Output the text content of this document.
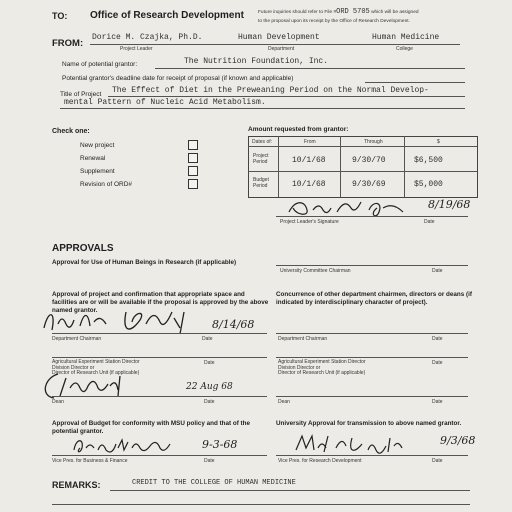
TO: Office of Research Development	Future inquiries should refer to File #ORD 5705 which will be assigned
to the proposal upon its receipt by the Office of Research Development.
FROM:
Dorice M. Czajka, Ph.D.	Human Development	Human Medicine
Project Leader	Department	College
Name of potential grantor:	The Nutrition Foundation, Inc.
Potential grantor's deadline date for receipt of proposal (if known and applicable)
Title of Project The Effect of Diet in the Preweaning Period on the Normal Develop-
mental Pattern of Nucleic Acid Metabolism.
Check one:
New project
Renewal
Supplement
Revision of ORD#
Amount requested from grantor:
Dates of:	From	Through	$
Project
Period	10/1/68	9/30/70	$6,500
Budget
Period	10/1/68	9/30/69	$5,000
8/19/68
Project Leader's Signature	Date
APPROVALS
Approval for Use of Human Beings in Research (if applicable)
University Committee Chairman	Date
Approval of project and confirmation that appropriate space and facilities are or will be available if the proposal is approved by the above named grantor.
8/14/68
Department Chairman	Date
Concurrence of other department chairmen, directors or deans (if indicated by interdisciplinary character of project).
Department Chairman	Date
Agricultural Experiment Station Director
Division Director or
Director of Research Unit (if applicable)
Date	Agricultural Experiment Station Director
Division Director or
Director of Research Unit (if applicable)
Date
22 Aug 68
Dean	Date	Dean	Date
Approval of Budget for conformity with MSU policy and that of the potential grantor.
9-3-68
Vice Pres. for Business & Finance	Date
University Approval for transmission to above named grantor.
9/3/68
Vice Pres. for Research Development	Date
REMARKS:	CREDIT TO THE COLLEGE OF HUMAN MEDICINE
